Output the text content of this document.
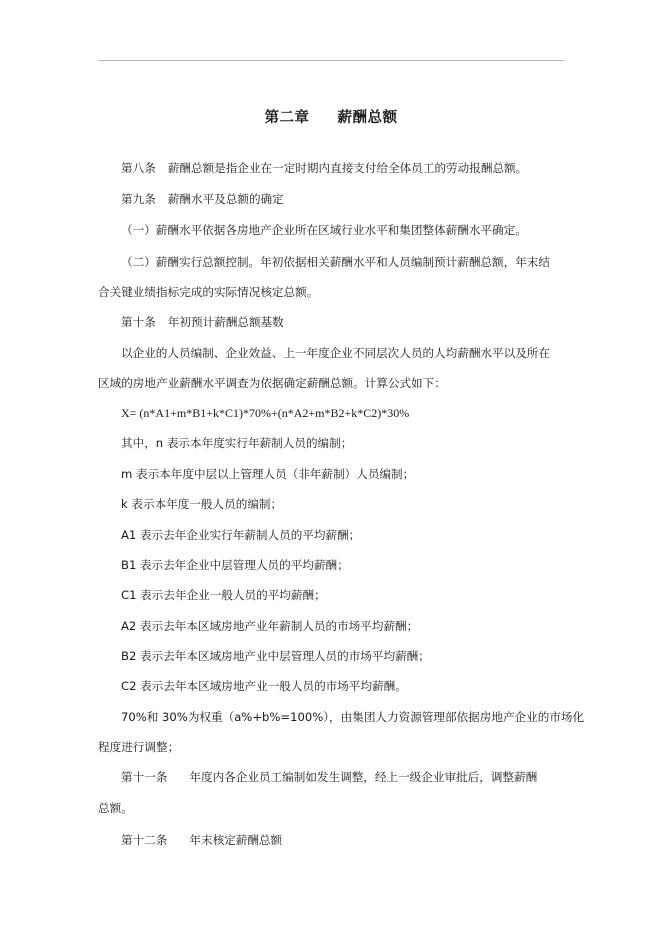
第二章 薪酬总额
第八条 薪酬总额是指企业在一定时期内直接支付给全体员工的劳动报酬总额。
第九条 薪酬水平及总额的确定
（一）薪酬水平依据各房地产企业所在区域行业水平和集团整体薪酬水平确定。
（二）薪酬实行总额控制。年初依据相关薪酬水平和人员编制预计薪酬总额，年末结
合关键业绩指标完成的实际情况核定总额。
第十条 年初预计薪酬总额基数
以企业的人员编制、企业效益、上一年度企业不同层次人员的人均薪酬水平以及所在
区域的房地产业薪酬水平调查为依据确定薪酬总额。计算公式如下：
X= (n*A1+m*B1+k*C1)*70%+(n*A2+m*B2+k*C2)*30%
其中，n 表示本年度实行年薪制人员的编制；
m 表示本年度中层以上管理人员（非年薪制）人员编制；
k 表示本年度一般人员的编制；
A1 表示去年企业实行年薪制人员的平均薪酬；
B1 表示去年企业中层管理人员的平均薪酬；
C1 表示去年企业一般人员的平均薪酬；
A2 表示去年本区域房地产业年薪制人员的市场平均薪酬；
B2 表示去年本区域房地产业中层管理人员的市场平均薪酬；
C2 表示去年本区域房地产业一般人员的市场平均薪酬。
70%和 30%为权重（a%+b%=100%），由集团人力资源管理部依据房地产企业的市场化
程度进行调整；
第十一条 年度内各企业员工编制如发生调整，经上一级企业审批后，调整薪酬
总额。
第十二条 年末核定薪酬总额
